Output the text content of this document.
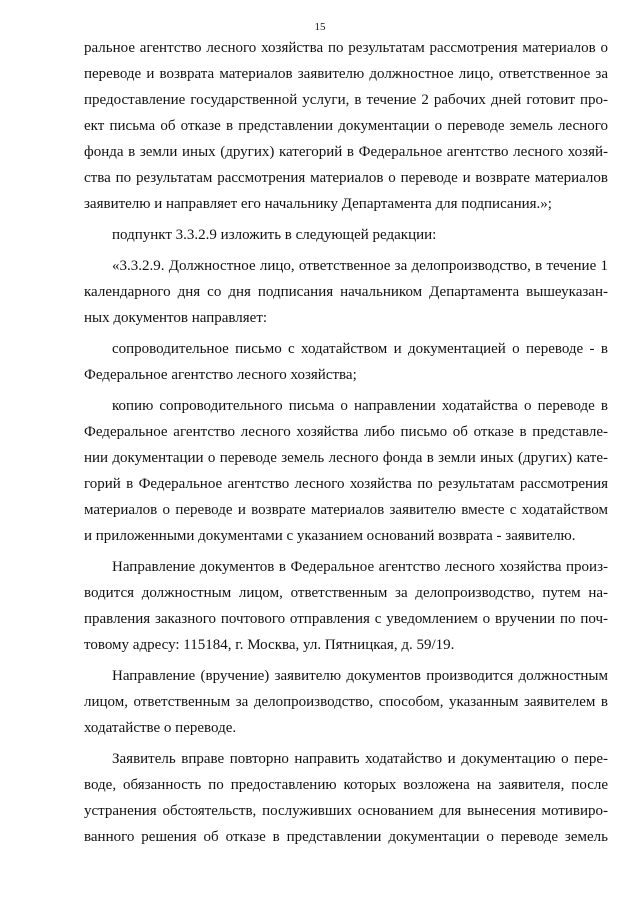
15
ральное агентство лесного хозяйства по результатам рассмотрения материалов о
переводе и возврата материалов заявителю должностное лицо, ответственное за
предоставление государственной услуги, в течение 2 рабочих дней готовит про-
ект письма об отказе в представлении документации о переводе земель лесного
фонда в земли иных (других) категорий в Федеральное агентство лесного хозяй-
ства по результатам рассмотрения материалов о переводе и возврате материалов
заявителю и направляет его начальнику Департамента для подписания.»;
подпункт 3.3.2.9 изложить в следующей редакции:
«3.3.2.9. Должностное лицо, ответственное за делопроизводство, в течение 1
календарного дня со дня подписания начальником Департамента вышеуказан-
ных документов направляет:
сопроводительное письмо с ходатайством и документацией о переводе - в
Федеральное агентство лесного хозяйства;
копию сопроводительного письма о направлении ходатайства о переводе в
Федеральное агентство лесного хозяйства либо письмо об отказе в представле-
нии документации о переводе земель лесного фонда в земли иных (других) кате-
горий в Федеральное агентство лесного хозяйства по результатам рассмотрения
материалов о переводе и возврате материалов заявителю вместе с ходатайством
и приложенными документами с указанием оснований возврата - заявителю.
Направление документов в Федеральное агентство лесного хозяйства произ-
водится должностным лицом, ответственным за делопроизводство, путем на-
правления заказного почтового отправления с уведомлением о вручении по поч-
товому адресу: 115184, г. Москва, ул. Пятницкая, д. 59/19.
Направление (вручение) заявителю документов производится должностным
лицом, ответственным за делопроизводство, способом, указанным заявителем в
ходатайстве о переводе.
Заявитель вправе повторно направить ходатайство и документацию о пере-
воде, обязанность по предоставлению которых возложена на заявителя, после
устранения обстоятельств, послуживших основанием для вынесения мотивиро-
ванного решения об отказе в представлении документации о переводе земель
